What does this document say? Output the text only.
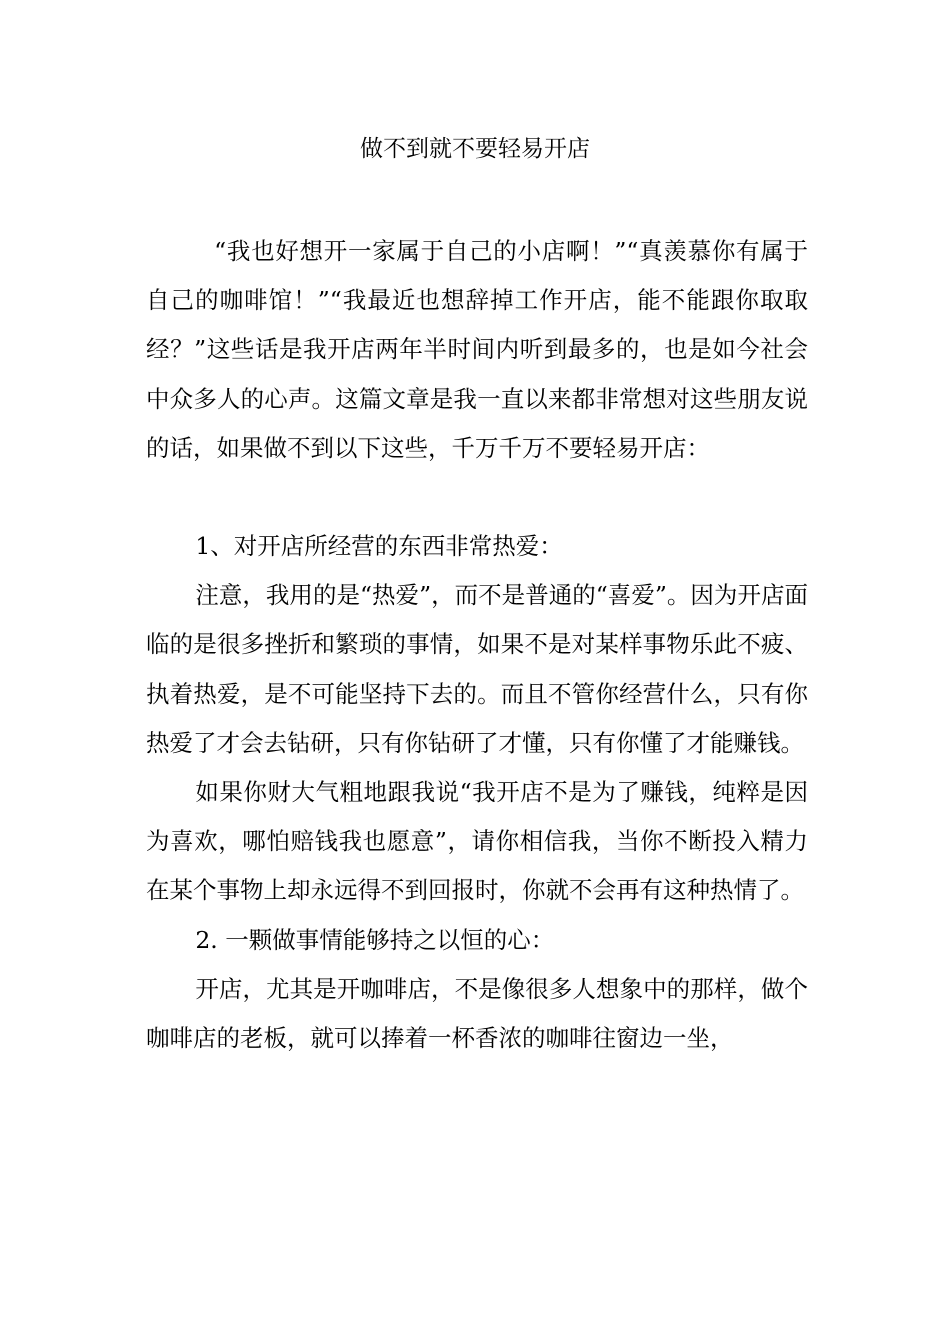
做不到就不要轻易开店

“我也好想开一家属于自己的小店啊！”“真羡慕你有属于自己的咖啡馆！”“我最近也想辞掉工作开店，能不能跟你取取经？”这些话是我开店两年半时间内听到最多的，也是如今社会中众多人的心声。这篇文章是我一直以来都非常想对这些朋友说的话，如果做不到以下这些，千万千万不要轻易开店：

1、对开店所经营的东西非常热爱：

注意，我用的是“热爱”，而不是普通的“喜爱”。因为开店面临的是很多挫折和繁琐的事情，如果不是对某样事物乐此不疲、执着热爱，是不可能坚持下去的。而且不管你经营什么，只有你热爱了才会去钻研，只有你钻研了才懂，只有你懂了才能赚钱。

如果你财大气粗地跟我说“我开店不是为了赚钱，纯粹是因为喜欢，哪怕赔钱我也愿意”，请你相信我，当你不断投入精力在某个事物上却永远得不到回报时，你就不会再有这种热情了。

2. 一颗做事情能够持之以恒的心：

开店，尤其是开咖啡店，不是像很多人想象中的那样，做个咖啡店的老板，就可以捧着一杯香浓的咖啡往窗边一坐，
